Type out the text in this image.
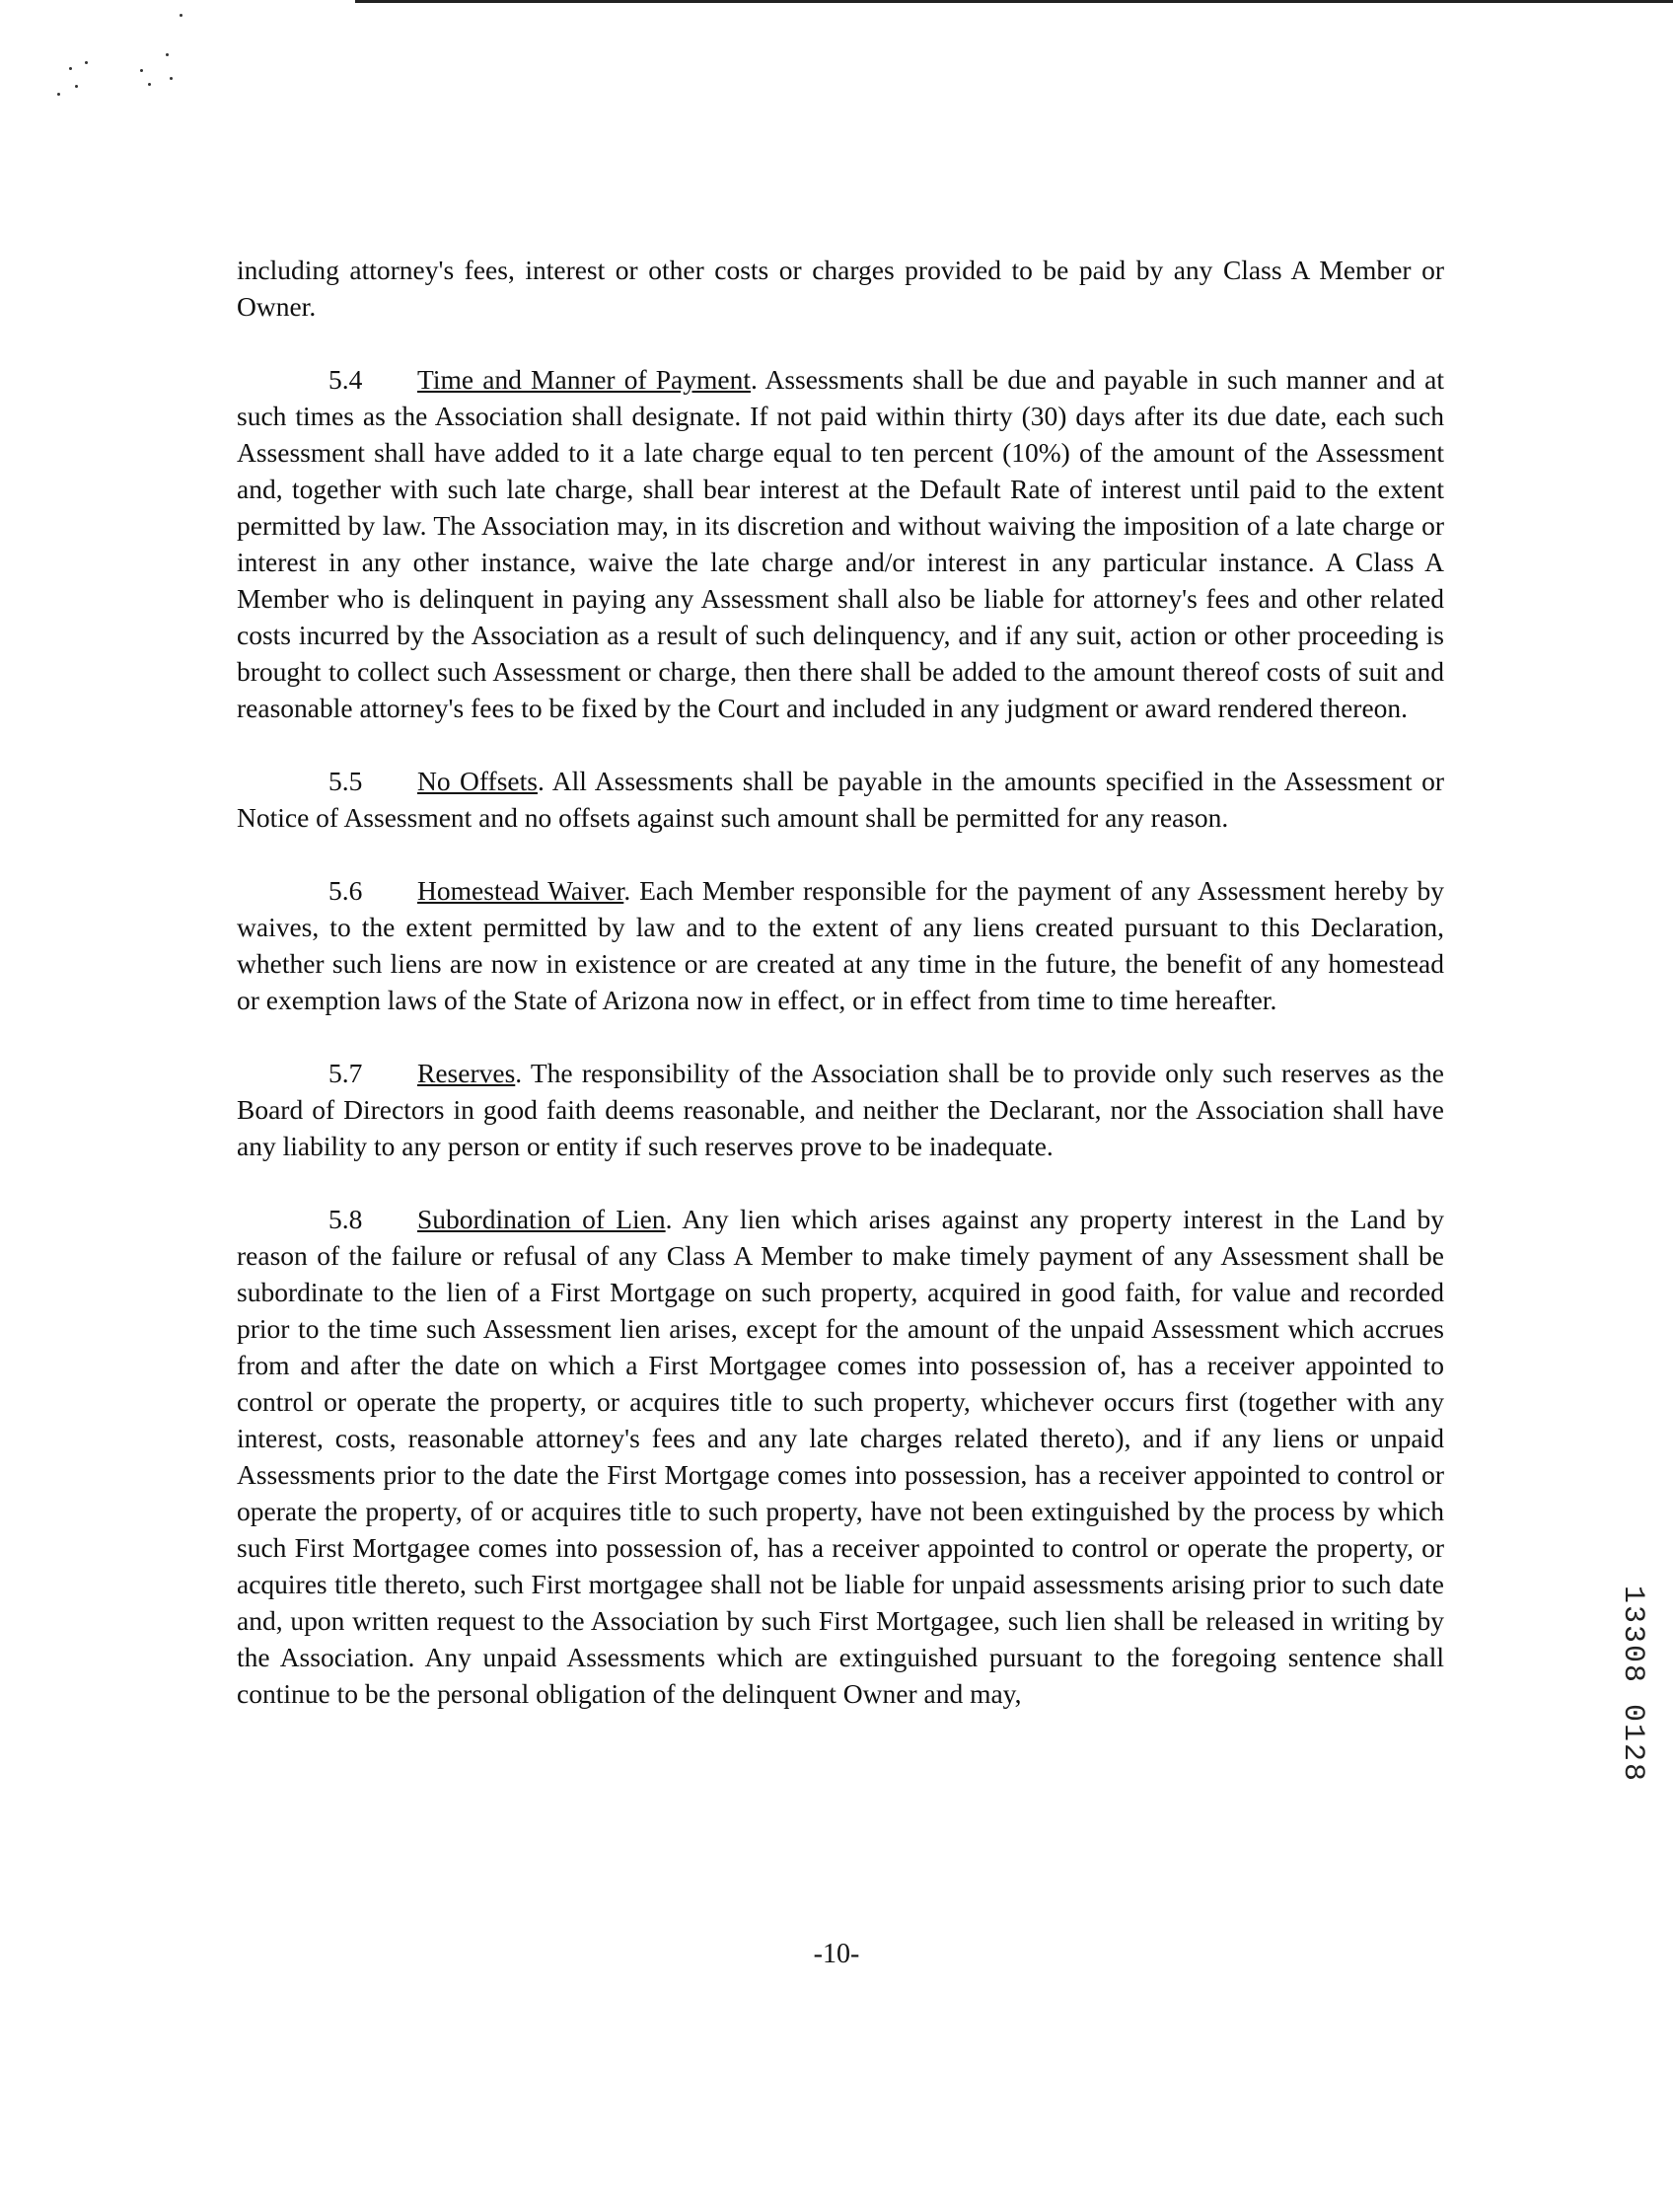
including attorney's fees, interest or other costs or charges provided to be paid by any Class A Member or Owner.

5.4 Time and Manner of Payment. Assessments shall be due and payable in such manner and at such times as the Association shall designate. If not paid within thirty (30) days after its due date, each such Assessment shall have added to it a late charge equal to ten percent (10%) of the amount of the Assessment and, together with such late charge, shall bear interest at the Default Rate of interest until paid to the extent permitted by law. The Association may, in its discretion and without waiving the imposition of a late charge or interest in any other instance, waive the late charge and/or interest in any particular instance. A Class A Member who is delinquent in paying any Assessment shall also be liable for attorney's fees and other related costs incurred by the Association as a result of such delinquency, and if any suit, action or other proceeding is brought to collect such Assessment or charge, then there shall be added to the amount thereof costs of suit and reasonable attorney's fees to be fixed by the Court and included in any judgment or award rendered thereon.

5.5 No Offsets. All Assessments shall be payable in the amounts specified in the Assessment or Notice of Assessment and no offsets against such amount shall be permitted for any reason.

5.6 Homestead Waiver. Each Member responsible for the payment of any Assessment hereby by waives, to the extent permitted by law and to the extent of any liens created pursuant to this Declaration, whether such liens are now in existence or are created at any time in the future, the benefit of any homestead or exemption laws of the State of Arizona now in effect, or in effect from time to time hereafter.

5.7 Reserves. The responsibility of the Association shall be to provide only such reserves as the Board of Directors in good faith deems reasonable, and neither the Declarant, nor the Association shall have any liability to any person or entity if such reserves prove to be inadequate.

5.8 Subordination of Lien. Any lien which arises against any property interest in the Land by reason of the failure or refusal of any Class A Member to make timely payment of any Assessment shall be subordinate to the lien of a First Mortgage on such property, acquired in good faith, for value and recorded prior to the time such Assessment lien arises, except for the amount of the unpaid Assessment which accrues from and after the date on which a First Mortgagee comes into possession of, has a receiver appointed to control or operate the property, or acquires title to such property, whichever occurs first (together with any interest, costs, reasonable attorney's fees and any late charges related thereto), and if any liens or unpaid Assessments prior to the date the First Mortgage comes into possession, has a receiver appointed to control or operate the property, of or acquires title to such property, have not been extinguished by the process by which such First Mortgagee comes into possession of, has a receiver appointed to control or operate the property, or acquires title thereto, such First mortgagee shall not be liable for unpaid assessments arising prior to such date and, upon written request to the Association by such First Mortgagee, such lien shall be released in writing by the Association. Any unpaid Assessments which are extinguished pursuant to the foregoing sentence shall continue to be the personal obligation of the delinquent Owner and may,

-10-
13308 0128
